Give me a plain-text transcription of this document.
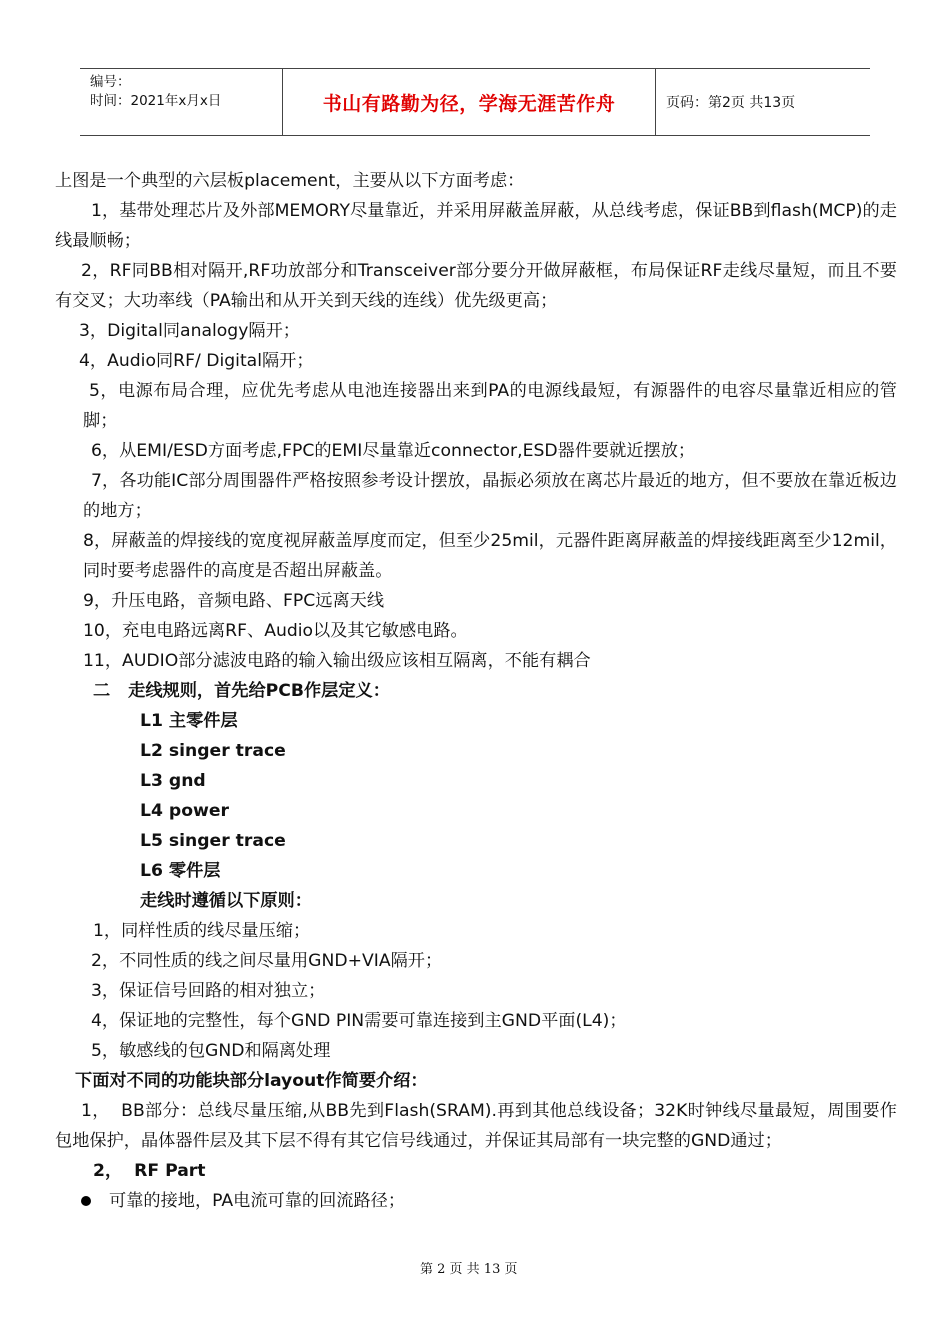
编号：
时间：2021年x月x日	书山有路勤为径，学海无涯苦作舟	页码：第2页 共13页

上图是一个典型的六层板placement，主要从以下方面考虑：

1，基带处理芯片及外部MEMORY尽量靠近，并采用屏蔽盖屏蔽，从总线考虑，保证BB到flash(MCP)的走线最顺畅；

2，RF同BB相对隔开,RF功放部分和Transceiver部分要分开做屏蔽框，布局保证RF走线尽量短，而且不要有交叉；大功率线（PA输出和从开关到天线的连线）优先级更高；

3，Digital同analogy隔开；

4，Audio同RF/ Digital隔开；

5，电源布局合理，应优先考虑从电池连接器出来到PA的电源线最短，有源器件的电容尽量靠近相应的管脚；

6，从EMI/ESD方面考虑,FPC的EMI尽量靠近connector,ESD器件要就近摆放；

7，各功能IC部分周围器件严格按照参考设计摆放，晶振必须放在离芯片最近的地方，但不要放在靠近板边的地方；

8，屏蔽盖的焊接线的宽度视屏蔽盖厚度而定，但至少25mil，元器件距离屏蔽盖的焊接线距离至少12mil，同时要考虑器件的高度是否超出屏蔽盖。

9，升压电路，音频电路、FPC远离天线

10，充电电路远离RF、Audio以及其它敏感电路。

11，AUDIO部分滤波电路的输入输出级应该相互隔离，不能有耦合

二   走线规则，首先给PCB作层定义：

L1 主零件层

L2 singer trace

L3 gnd

L4 power

L5 singer trace

L6 零件层

走线时遵循以下原则：

1，同样性质的线尽量压缩；

2，不同性质的线之间尽量用GND+VIA隔开；

3，保证信号回路的相对独立；

4，保证地的完整性，每个GND PIN需要可靠连接到主GND平面(L4)；

5，敏感线的包GND和隔离处理

下面对不同的功能块部分layout作简要介绍：

1，  BB部分：总线尽量压缩,从BB先到Flash(SRAM).再到其他总线设备；32K时钟线尽量最短，周围要作包地保护，晶体器件层及其下层不得有其它信号线通过，并保证其局部有一块完整的GND通过；

2，  RF Part

可靠的接地，PA电流可靠的回流路径；
第 2 页 共 13 页
